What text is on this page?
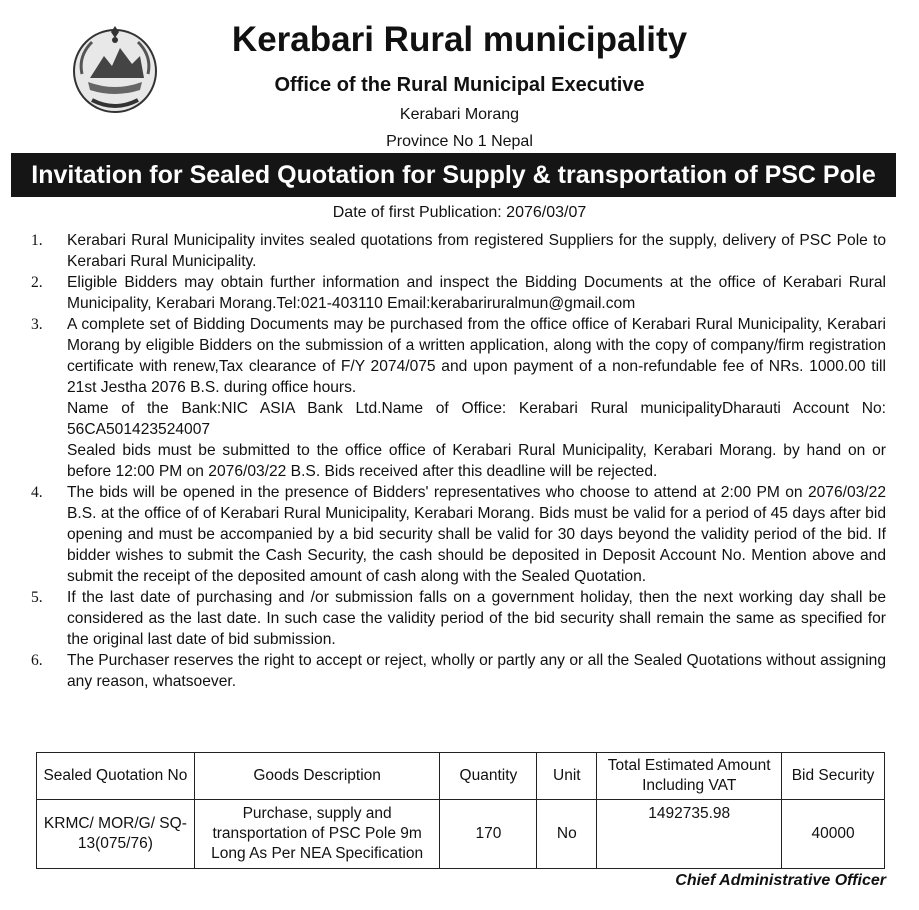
Kerabari Rural municipality
Office of the Rural Municipal Executive
Kerabari Morang
Province No 1 Nepal
Invitation for Sealed Quotation for Supply & transportation of PSC Pole
Date of first Publication: 2076/03/07
1.	Kerabari Rural Municipality invites sealed quotations from registered Suppliers for the supply, delivery of PSC Pole to Kerabari Rural Municipality.

2.	Eligible Bidders may obtain further information and inspect the Bidding Documents at the office of Kerabari Rural Municipality, Kerabari Morang.Tel:021-403110 Email:kerabariruralmun@gmail.com

3.	A complete set of Bidding Documents may be purchased from the office office of Kerabari Rural Municipality, Kerabari Morang by eligible Bidders on the submission of a written application, along with the copy of company/firm registration certificate with renew,Tax clearance of F/Y 2074/075 and upon payment of a non-refundable fee of NRs. 1000.00 till 21st Jestha 2076 B.S. during office hours.

Name of the Bank:NIC ASIA Bank Ltd.Name of Office: Kerabari Rural municipalityDharauti Account No: 56CA501423524007

Sealed bids must be submitted to the office office of Kerabari Rural Municipality, Kerabari Morang. by hand on or before 12:00 PM on 2076/03/22 B.S. Bids received after this deadline will be rejected.

4.	The bids will be opened in the presence of Bidders' representatives who choose to attend at 2:00 PM on 2076/03/22 B.S. at the office of of Kerabari Rural Municipality, Kerabari Morang. Bids must be valid for a period of 45 days after bid opening and must be accompanied by a bid security shall be valid for 30 days beyond the validity period of the bid. If bidder wishes to submit the Cash Security, the cash should be deposited in Deposit Account No. Mention above and submit the receipt of the deposited amount of cash along with the Sealed Quotation.

5.	If the last date of purchasing and /or submission falls on a government holiday, then the next working day shall be considered as the last date. In such case the validity period of the bid security shall remain the same as specified for the original last date of bid submission.

6.	The Purchaser reserves the right to accept or reject, wholly or partly any or all the Sealed Quotations without assigning any reason, whatsoever.

Sealed Quotation No	Goods Description	Quantity	Unit	Total Estimated Amount Including VAT	Bid Security
KRMC/ MOR/G/ SQ-13(075/76)	Purchase, supply and transportation of PSC Pole 9m Long As Per NEA Specification	170	No	1492735.98	40000
Chief Administrative Officer
